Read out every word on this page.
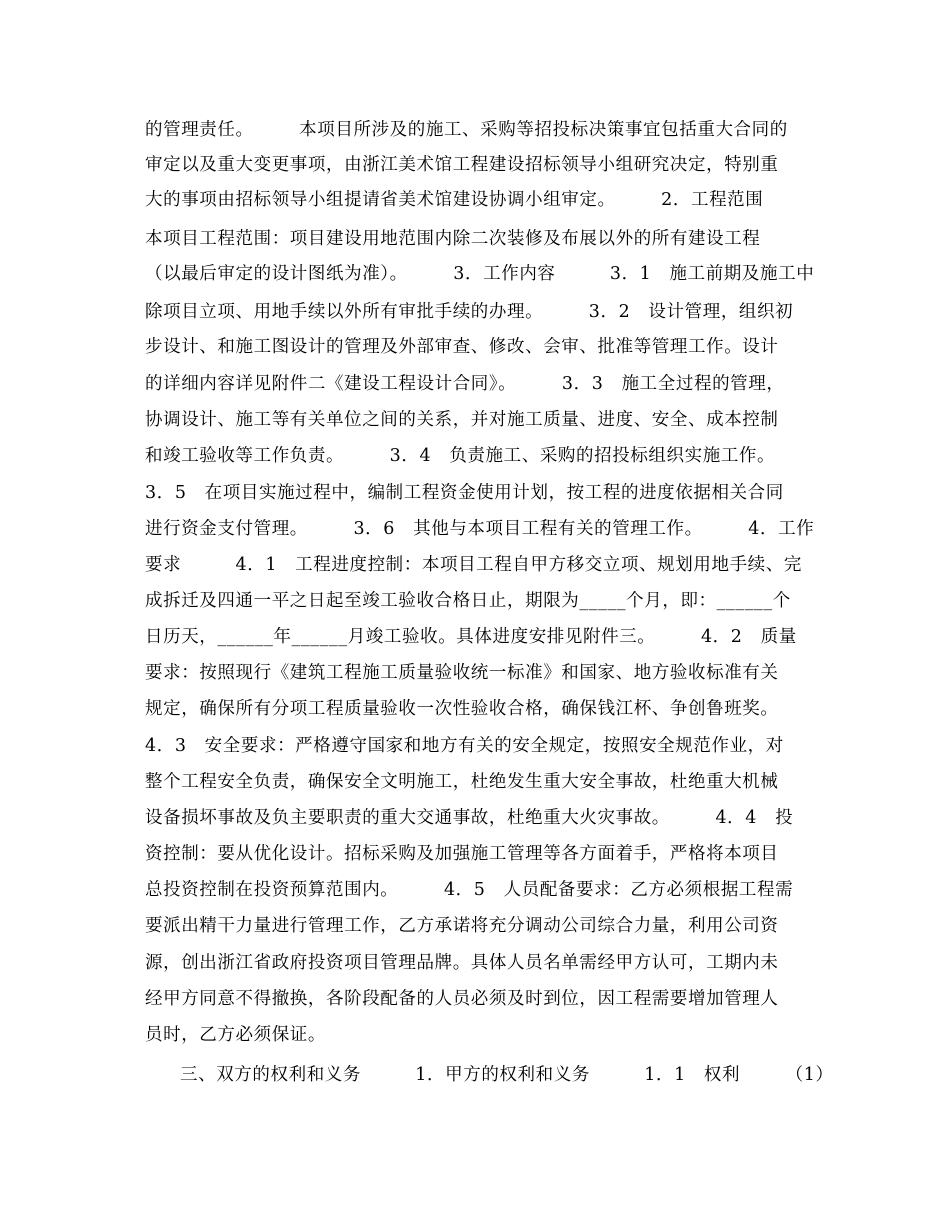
的管理责任。　　　本项目所涉及的施工、采购等招投标决策事宜包括重大合同的
审定以及重大变更事项，由浙江美术馆工程建设招标领导小组研究决定，特别重
大的事项由招标领导小组提请省美术馆建设协调小组审定。　　　2．工程范围
本项目工程范围：项目建设用地范围内除二次装修及布展以外的所有建设工程
（以最后审定的设计图纸为准）。　　　3．工作内容　　　3．1　施工前期及施工中
除项目立项、用地手续以外所有审批手续的办理。　　　3．2　设计管理，组织初
步设计、和施工图设计的管理及外部审查、修改、会审、批准等管理工作。设计
的详细内容详见附件二《建设工程设计合同》。　　　3．3　施工全过程的管理，
协调设计、施工等有关单位之间的关系，并对施工质量、进度、安全、成本控制
和竣工验收等工作负责。　　　3．4　负责施工、采购的招投标组织实施工作。
3．5　在项目实施过程中，编制工程资金使用计划，按工程的进度依据相关合同
进行资金支付管理。　　　3．6　其他与本项目工程有关的管理工作。　　　4．工作
要求　　　4．1　工程进度控制：本项目工程自甲方移交立项、规划用地手续、完
成拆迁及四通一平之日起至竣工验收合格日止，期限为_____个月，即：______个
日历天，______年______月竣工验收。具体进度安排见附件三。　　　4．2　质量
要求：按照现行《建筑工程施工质量验收统一标准》和国家、地方验收标准有关
规定，确保所有分项工程质量验收一次性验收合格，确保钱江杯、争创鲁班奖。
4．3　安全要求：严格遵守国家和地方有关的安全规定，按照安全规范作业，对
整个工程安全负责，确保安全文明施工，杜绝发生重大安全事故，杜绝重大机械
设备损坏事故及负主要职责的重大交通事故，杜绝重大火灾事故。　　　4．4　投
资控制：要从优化设计。招标采购及加强施工管理等各方面着手，严格将本项目
总投资控制在投资预算范围内。　　　4．5　人员配备要求：乙方必须根据工程需
要派出精干力量进行管理工作，乙方承诺将充分调动公司综合力量，利用公司资
源，创出浙江省政府投资项目管理品牌。具体人员名单需经甲方认可，工期内未
经甲方同意不得撤换，各阶段配备的人员必须及时到位，因工程需要增加管理人
员时，乙方必须保证。
三、双方的权利和义务　　　1．甲方的权利和义务　　　1．1　权利　　　（1）
